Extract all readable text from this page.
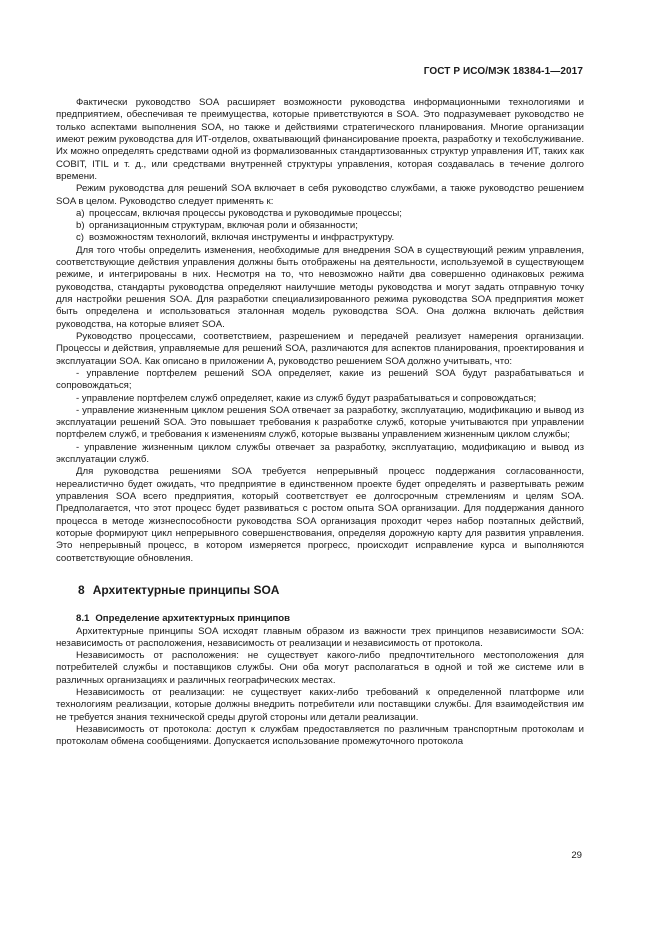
ГОСТ Р ИСО/МЭК 18384-1—2017

Фактически руководство SOA расширяет возможности руководства информационными технологиями и предприятием, обеспечивая те преимущества, которые приветствуются в SOA. Это подразумевает руководство не только аспектами выполнения SOA, но также и действиями стратегического планирования. Многие организации имеют режим руководства для ИТ-отделов, охватывающий финансирование проекта, разработку и техобслуживание. Их можно определять средствами одной из формализованных стандартизованных структур управления ИТ, таких как COBIT, ITIL и т. д., или средствами внутренней структуры управления, которая создавалась в течение долгого времени.

Режим руководства для решений SOA включает в себя руководство службами, а также руководство решением SOA в целом. Руководство следует применять к:

a) процессам, включая процессы руководства и руководимые процессы;

b) организационным структурам, включая роли и обязанности;

c) возможностям технологий, включая инструменты и инфраструктуру.

Для того чтобы определить изменения, необходимые для внедрения SOA в существующий режим управления, соответствующие действия управления должны быть отображены на деятельности, используемой в существующем режиме, и интегрированы в них. Несмотря на то, что невозможно найти два совершенно одинаковых режима руководства, стандарты руководства определяют наилучшие методы руководства и могут задать отправную точку для настройки решения SOA. Для разработки специализированного режима руководства SOA предприятия может быть определена и использоваться эталонная модель руководства SOA. Она должна включать действия руководства, на которые влияет SOA.

Руководство процессами, соответствием, разрешением и передачей реализует намерения организации. Процессы и действия, управляемые для решений SOA, различаются для аспектов планирования, проектирования и эксплуатации SOA. Как описано в приложении А, руководство решением SOA должно учитывать, что:

- управление портфелем решений SOA определяет, какие из решений SOA будут разрабатываться и сопровождаться;

- управление портфелем служб определяет, какие из служб будут разрабатываться и сопровождаться;

- управление жизненным циклом решения SOA отвечает за разработку, эксплуатацию, модификацию и вывод из эксплуатации решений SOA. Это повышает требования к разработке служб, которые учитываются при управлении портфелем служб, и требования к изменениям служб, которые вызваны управлением жизненным циклом службы;

- управление жизненным циклом службы отвечает за разработку, эксплуатацию, модификацию и вывод из эксплуатации служб.

Для руководства решениями SOA требуется непрерывный процесс поддержания согласованности, нереалистично будет ожидать, что предприятие в единственном проекте будет определять и развертывать режим управления SOA всего предприятия, который соответствует ее долгосрочным стремлениям и целям SOA. Предполагается, что этот процесс будет развиваться с ростом опыта SOA организации. Для поддержания данного процесса в методе жизнеспособности руководства SOA организация проходит через набор поэтапных действий, которые формируют цикл непрерывного совершенствования, определяя дорожную карту для развития управления. Это непрерывный процесс, в котором измеряется прогресс, происходит исправление курса и выполняются соответствующие обновления.

8 Архитектурные принципы SOA
8.1 Определение архитектурных принципов

Архитектурные принципы SOA исходят главным образом из важности трех принципов независимости SOA: независимость от расположения, независимость от реализации и независимость от протокола.

Независимость от расположения: не существует какого-либо предпочтительного местоположения для потребителей службы и поставщиков службы. Они оба могут располагаться в одной и той же системе или в различных организациях и различных географических местах.

Независимость от реализации: не существует каких-либо требований к определенной платформе или технологиям реализации, которые должны внедрить потребители или поставщики службы. Для взаимодействия им не требуется знания технической среды другой стороны или детали реализации.

Независимость от протокола: доступ к службам предоставляется по различным транспортным протоколам и протоколам обмена сообщениями. Допускается использование промежуточного протокола

29
